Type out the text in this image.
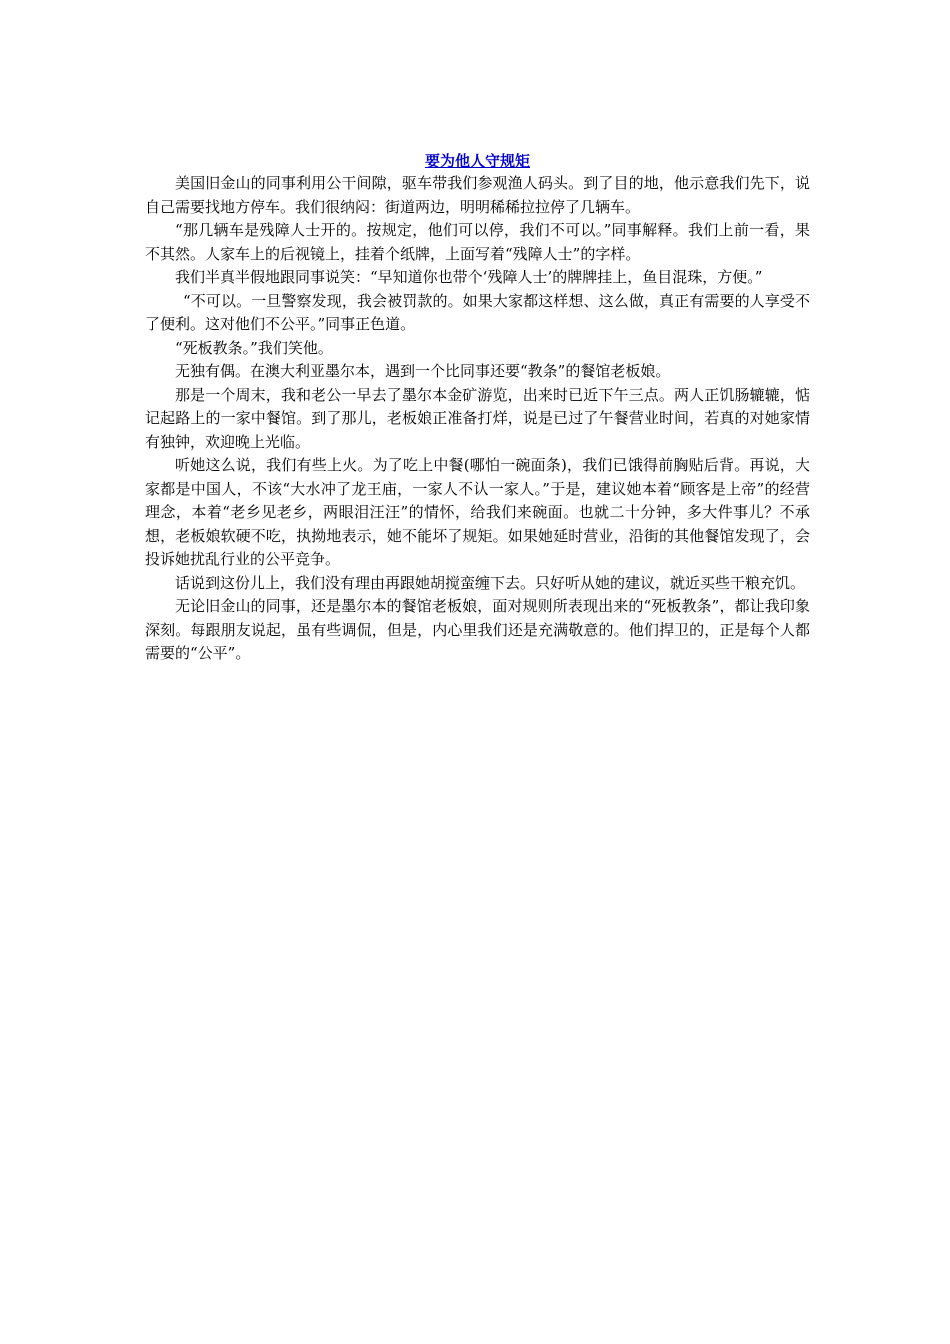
要为他人守规矩

美国旧金山的同事利用公干间隙，驱车带我们参观渔人码头。到了目的地，他示意我们先下，说自己需要找地方停车。我们很纳闷：街道两边，明明稀稀拉拉停了几辆车。

“那几辆车是残障人士开的。按规定，他们可以停，我们不可以。”同事解释。我们上前一看，果不其然。人家车上的后视镜上，挂着个纸牌，上面写着“残障人士”的字样。

我们半真半假地跟同事说笑：“早知道你也带个‘残障人士’的牌牌挂上，鱼目混珠，方便。”

“不可以。一旦警察发现，我会被罚款的。如果大家都这样想、这么做，真正有需要的人享受不了便利。这对他们不公平。”同事正色道。

“死板教条。”我们笑他。

无独有偶。在澳大利亚墨尔本，遇到一个比同事还要“教条”的餐馆老板娘。

那是一个周末，我和老公一早去了墨尔本金矿游览，出来时已近下午三点。两人正饥肠辘辘，惦记起路上的一家中餐馆。到了那儿，老板娘正准备打烊，说是已过了午餐营业时间，若真的对她家情有独钟，欢迎晚上光临。

听她这么说，我们有些上火。为了吃上中餐(哪怕一碗面条)，我们已饿得前胸贴后背。再说，大家都是中国人，不该“大水冲了龙王庙，一家人不认一家人。”于是，建议她本着“顾客是上帝”的经营理念，本着“老乡见老乡，两眼泪汪汪”的情怀，给我们来碗面。也就二十分钟，多大件事儿？不承想，老板娘软硬不吃，执拗地表示，她不能坏了规矩。如果她延时营业，沿街的其他餐馆发现了，会投诉她扰乱行业的公平竞争。

话说到这份儿上，我们没有理由再跟她胡搅蛮缠下去。只好听从她的建议，就近买些干粮充饥。

无论旧金山的同事，还是墨尔本的餐馆老板娘，面对规则所表现出来的“死板教条”，都让我印象深刻。每跟朋友说起，虽有些调侃，但是，内心里我们还是充满敬意的。他们捍卫的，正是每个人都需要的“公平”。
